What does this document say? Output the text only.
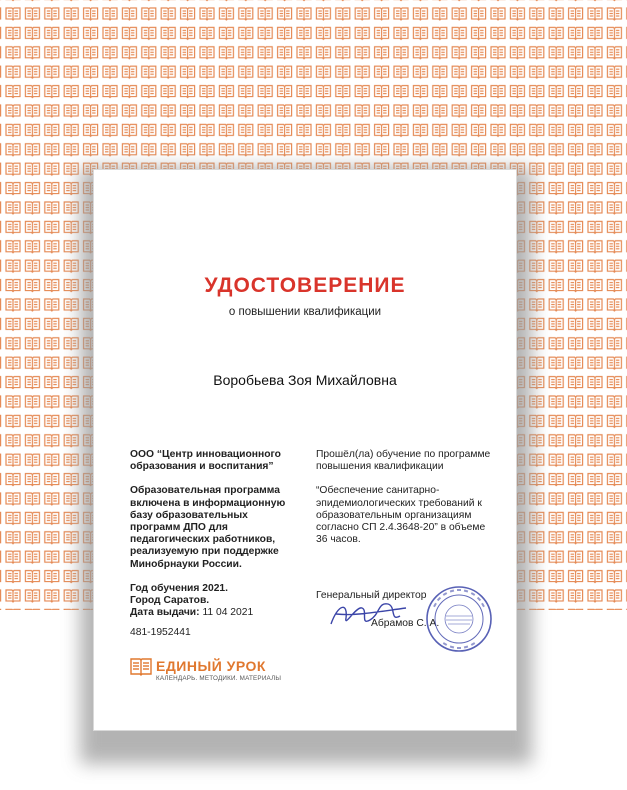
УДОСТОВЕРЕНИЕ
о повышении квалификации
Воробьева Зоя Михайловна
ООО “Центр инновационного образования и воспитания”
Образовательная программа включена в информационную базу образовательных программ ДПО для педагогических работников, реализуемую при поддержке Минобрнауки России.
Год обучения 2021.
Город Саратов.
Дата выдачи: 11 04 2021
481-1952441
Прошёл(ла) обучение по программе повышения квалификации
“Обеспечение санитарно-эпидемиологических требований к образовательным организациям согласно СП 2.4.3648-20” в объеме 36 часов.
Генеральный директор
Абрамов С. А.
ЕДИНЫЙ УРОК
КАЛЕНДАРЬ. МЕТОДИКИ. МАТЕРИАЛЫ
